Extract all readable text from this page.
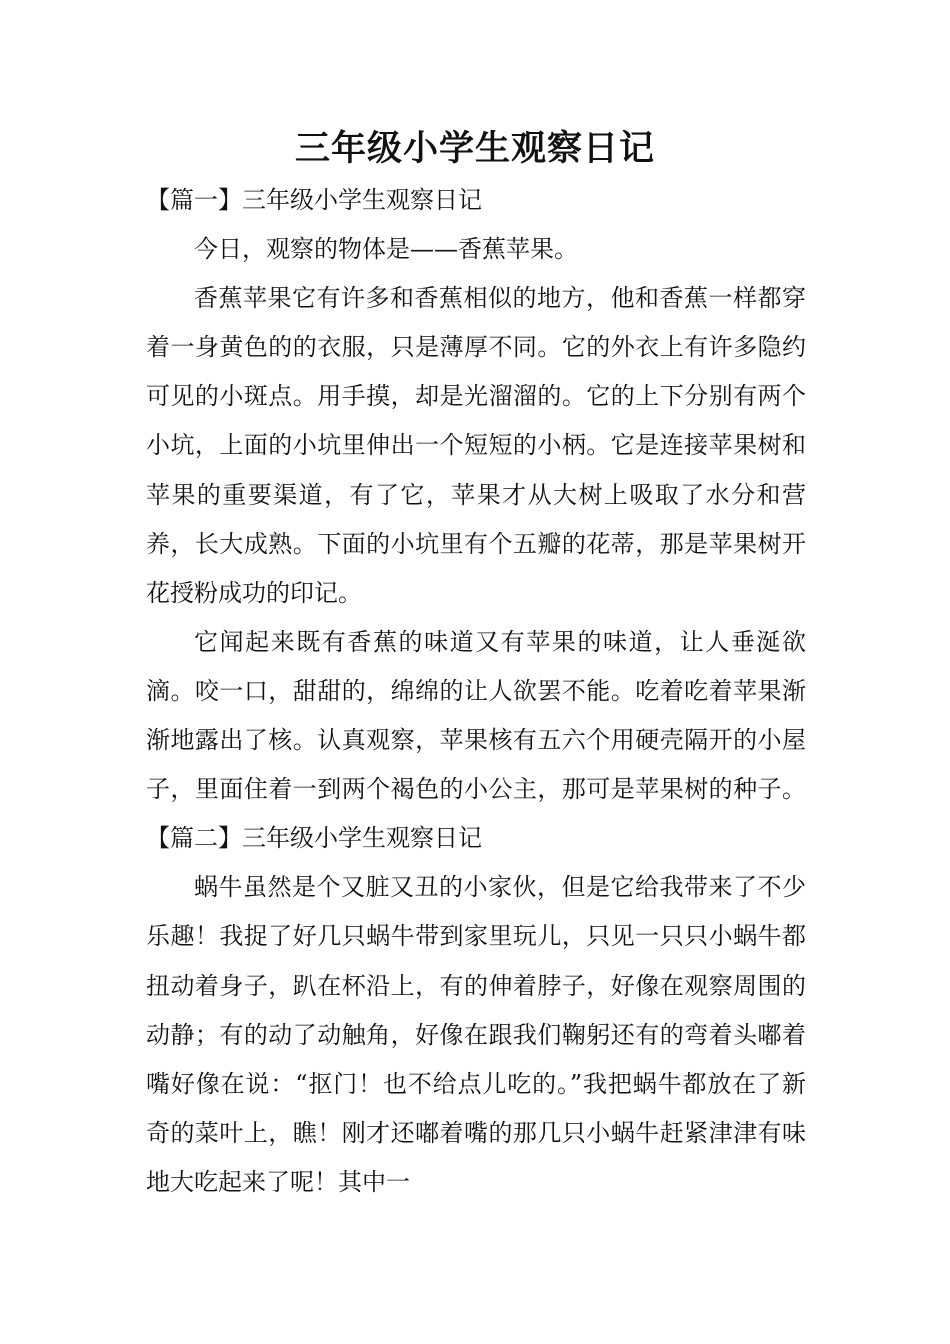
三年级小学生观察日记

【篇一】三年级小学生观察日记

今日，观察的物体是——香蕉苹果。

香蕉苹果它有许多和香蕉相似的地方，他和香蕉一样都穿着一身黄色的的衣服，只是薄厚不同。它的外衣上有许多隐约可见的小斑点。用手摸，却是光溜溜的。它的上下分别有两个小坑，上面的小坑里伸出一个短短的小柄。它是连接苹果树和苹果的重要渠道，有了它，苹果才从大树上吸取了水分和营养，长大成熟。下面的小坑里有个五瓣的花蒂，那是苹果树开花授粉成功的印记。

它闻起来既有香蕉的味道又有苹果的味道，让人垂涎欲滴。咬一口，甜甜的，绵绵的让人欲罢不能。吃着吃着苹果渐渐地露出了核。认真观察，苹果核有五六个用硬壳隔开的小屋子，里面住着一到两个褐色的小公主，那可是苹果树的种子。【篇二】三年级小学生观察日记

蜗牛虽然是个又脏又丑的小家伙，但是它给我带来了不少乐趣！我捉了好几只蜗牛带到家里玩儿，只见一只只小蜗牛都扭动着身子，趴在杯沿上，有的伸着脖子，好像在观察周围的动静；有的动了动触角，好像在跟我们鞠躬还有的弯着头嘟着嘴好像在说：“抠门！也不给点儿吃的。”我把蜗牛都放在了新奇的菜叶上，瞧！刚才还嘟着嘴的那几只小蜗牛赶紧津津有味地大吃起来了呢！其中一
